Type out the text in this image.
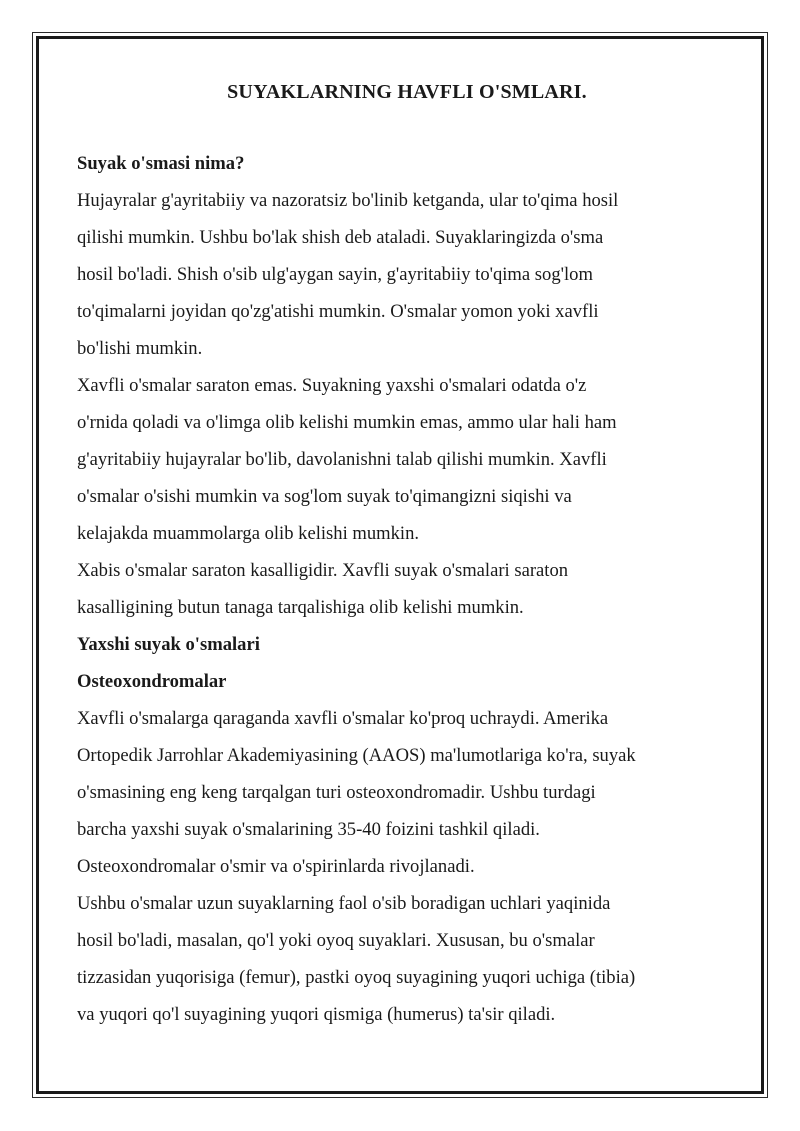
SUYAKLARNING HAVFLI O'SMLARI.
Suyak o'smasi nima?
Hujayralar g'ayritabiiy va nazoratsiz bo'linib ketganda, ular to'qima hosil
qilishi mumkin. Ushbu bo'lak shish deb ataladi. Suyaklaringizda o'sma
hosil bo'ladi. Shish o'sib ulg'aygan sayin, g'ayritabiiy to'qima sog'lom
to'qimalarni joyidan qo'zg'atishi mumkin. O'smalar yomon yoki xavfli
bo'lishi mumkin.
Xavfli o'smalar saraton emas. Suyakning yaxshi o'smalari odatda o'z
o'rnida qoladi va o'limga olib kelishi mumkin emas, ammo ular hali ham
g'ayritabiiy hujayralar bo'lib, davolanishni talab qilishi mumkin. Xavfli
o'smalar o'sishi mumkin va sog'lom suyak to'qimangizni siqishi va
kelajakda muammolarga olib kelishi mumkin.
Xabis o'smalar saraton kasalligidir. Xavfli suyak o'smalari saraton
kasalligining butun tanaga tarqalishiga olib kelishi mumkin.
Yaxshi suyak o'smalari
Osteoxondromalar
Xavfli o'smalarga qaraganda xavfli o'smalar ko'proq uchraydi. Amerika
Ortopedik Jarrohlar Akademiyasining (AAOS) ma'lumotlariga ko'ra, suyak
o'smasining eng keng tarqalgan turi osteoxondromadir. Ushbu turdagi
barcha yaxshi suyak o'smalarining 35-40 foizini tashkil qiladi.
Osteoxondromalar o'smir va o'spirinlarda rivojlanadi.
Ushbu o'smalar uzun suyaklarning faol o'sib boradigan uchlari yaqinida
hosil bo'ladi, masalan, qo'l yoki oyoq suyaklari. Xususan, bu o'smalar
tizzasidan yuqorisiga (femur), pastki oyoq suyagining yuqori uchiga (tibia)
va yuqori qo'l suyagining yuqori qismiga (humerus) ta'sir qiladi.
